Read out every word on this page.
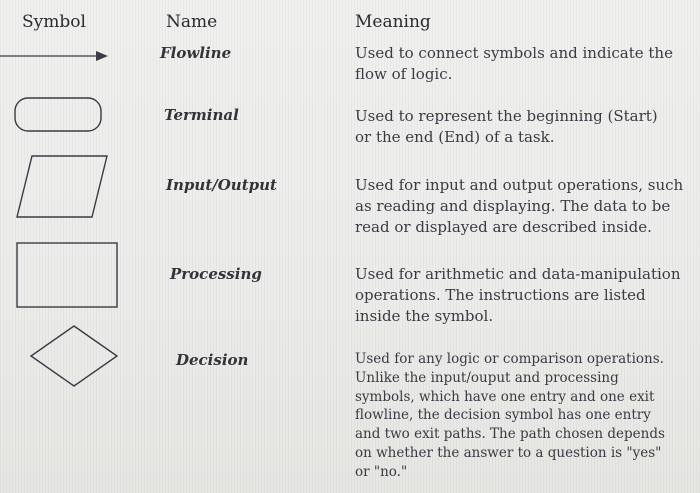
Symbol	Name	Meaning
Flowline	Used to connect symbols and indicate the flow of logic.
Terminal	Used to represent the beginning (Start) or the end (End) of a task.
Input/Output	Used for input and output operations, such as reading and displaying. The data to be read or displayed are described inside.
Processing	Used for arithmetic and data-manipulation operations. The instructions are listed inside the symbol.
Decision	Used for any logic or comparison operations. Unlike the input/ouput and processing symbols, which have one entry and one exit flowline, the decision symbol has one entry and two exit paths. The path chosen depends on whether the answer to a question is "yes" or "no."
